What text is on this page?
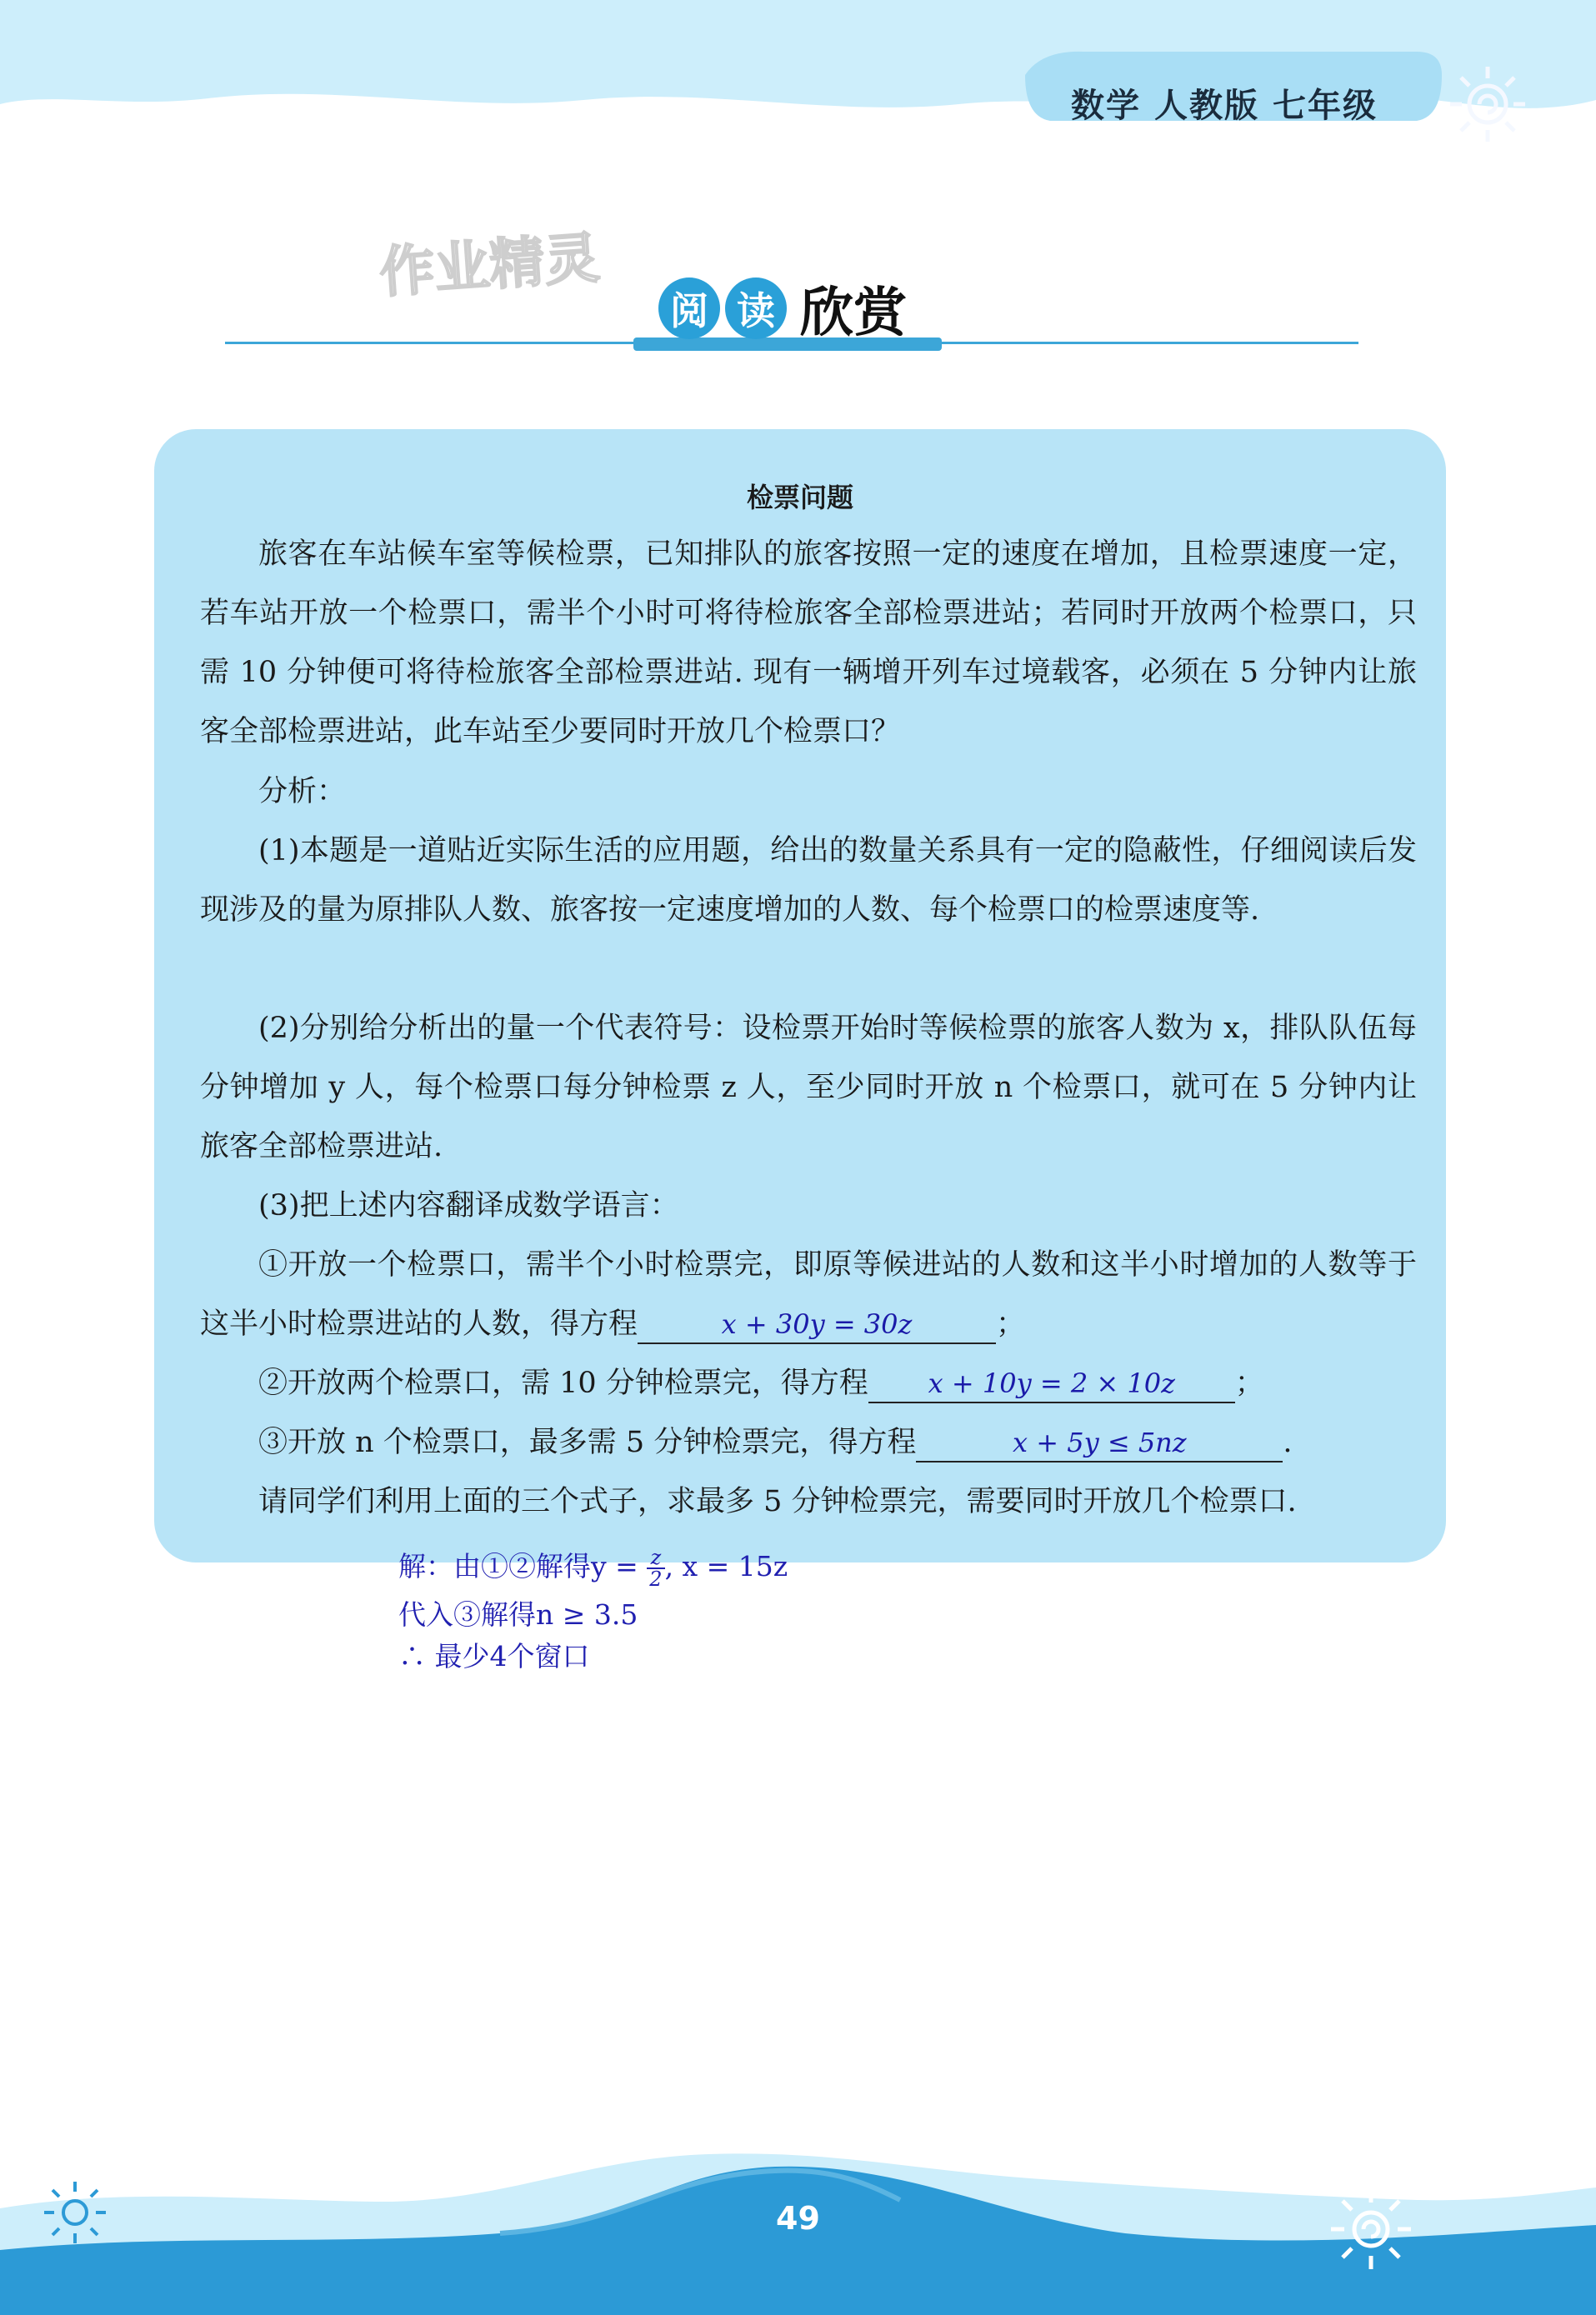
数学 人教版 七年级
作业精灵
阅 读 欣赏
检票问题
旅客在车站候车室等候检票，已知排队的旅客按照一定的速度在增加，且检票速度一定，若车站开放一个检票口，需半个小时可将待检旅客全部检票进站；若同时开放两个检票口，只需 10 分钟便可将待检旅客全部检票进站. 现有一辆增开列车过境载客，必须在 5 分钟内让旅客全部检票进站，此车站至少要同时开放几个检票口？
分析：
(1)本题是一道贴近实际生活的应用题，给出的数量关系具有一定的隐蔽性，仔细阅读后发现涉及的量为原排队人数、旅客按一定速度增加的人数、每个检票口的检票速度等.
(2)分别给分析出的量一个代表符号：设检票开始时等候检票的旅客人数为 x，排队队伍每分钟增加 y 人，每个检票口每分钟检票 z 人，至少同时开放 n 个检票口，就可在 5 分钟内让旅客全部检票进站.
(3)把上述内容翻译成数学语言：
①开放一个检票口，需半个小时检票完，即原等候进站的人数和这半小时增加的人数等于这半小时检票进站的人数，得方程	x + 30y = 30z	；
②开放两个检票口，需 10 分钟检票完，得方程 x + 10y = 2 × 10z ；
③开放 n 个检票口，最多需 5 分钟检票完，得方程	x + 5y ≤ 5nz	.
请同学们利用上面的三个式子，求最多 5 分钟检票完，需要同时开放几个检票口.
解：由①②解得$y = \frac{z}{2}$ , x = 15z
代入③解得n ≥ 3.5
∴ 最少4个窗口
49
